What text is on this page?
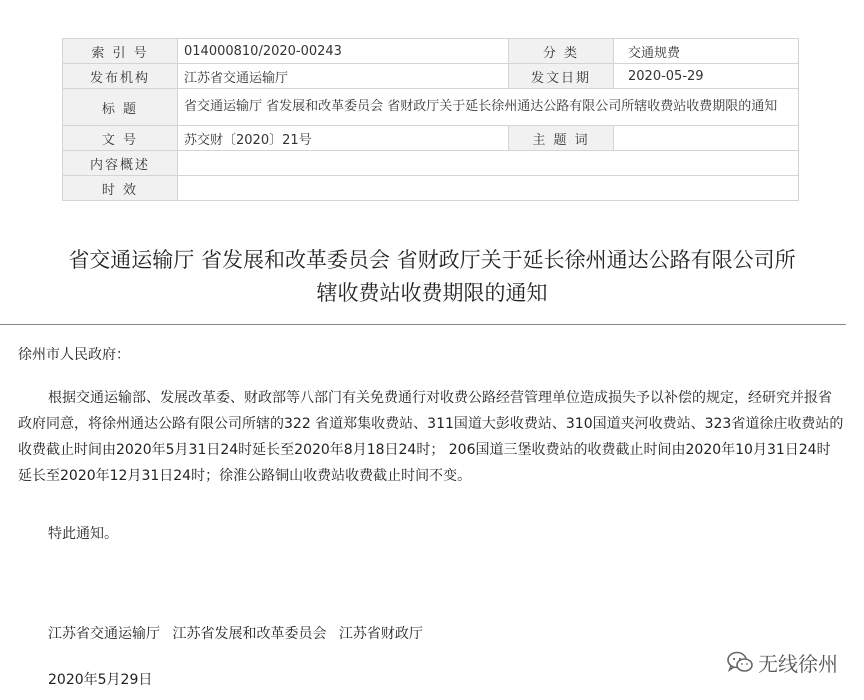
索 引 号	014000810/2020-00243	分 类	交通规费
发布机构	江苏省交通运输厅	发文日期	2020-05-29
标 题	省交通运输厅 省发展和改革委员会 省财政厅关于延长徐州通达公路有限公司所辖收费站收费期限的通知		
文 号	苏交财〔2020〕21号	主 题 词	
内容概述			
时 效			
省交通运输厅 省发展和改革委员会 省财政厅关于延长徐州通达公路有限公司所
辖收费站收费期限的通知
徐州市人民政府：
根据交通运输部、发展改革委、财政部等八部门有关免费通行对收费公路经营管理单位造成损失予以补偿的规定，经研究并报省政府同意，将徐州通达公路有限公司所辖的322 省道郑集收费站、311国道大彭收费站、310国道夹河收费站、323省道徐庄收费站的收费截止时间由2020年5月31日24时延长至2020年8月18日24时； 206国道三堡收费站的收费截止时间由2020年10月31日24时延长至2020年12月31日24时；徐淮公路铜山收费站收费截止时间不变。
特此通知。
江苏省交通运输厅 江苏省发展和改革委员会 江苏省财政厅
2020年5月29日
无线徐州
